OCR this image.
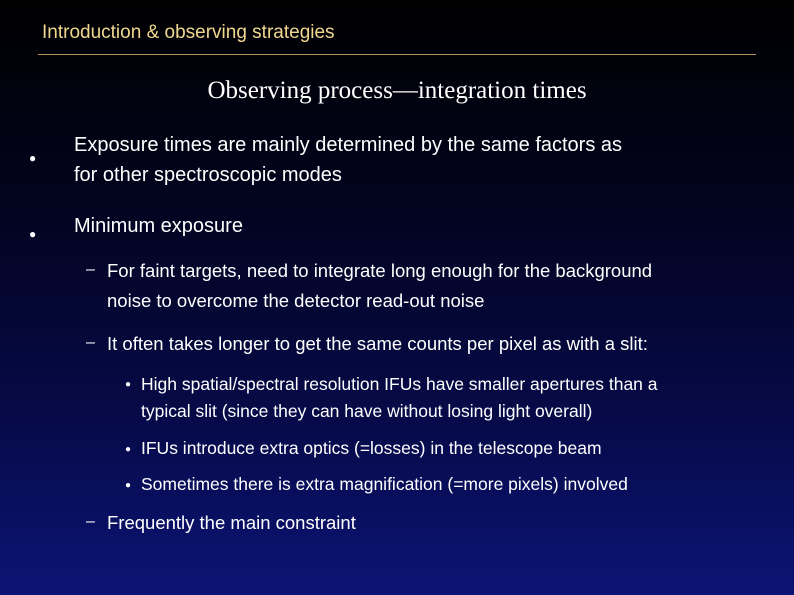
Introduction & observing strategies
Observing process—integration times
●
Exposure times are mainly determined by the same factors as
for other spectroscopic modes
● Minimum exposure
– For faint targets, need to integrate long enough for the background
noise to overcome the detector read-out noise
– It often takes longer to get the same counts per pixel as with a slit:
● High spatial/spectral resolution IFUs have smaller apertures than a
typical slit (since they can have without losing light overall)
● IFUs introduce extra optics (=losses) in the telescope beam
● Sometimes there is extra magnification (=more pixels) involved
– Frequently the main constraint
